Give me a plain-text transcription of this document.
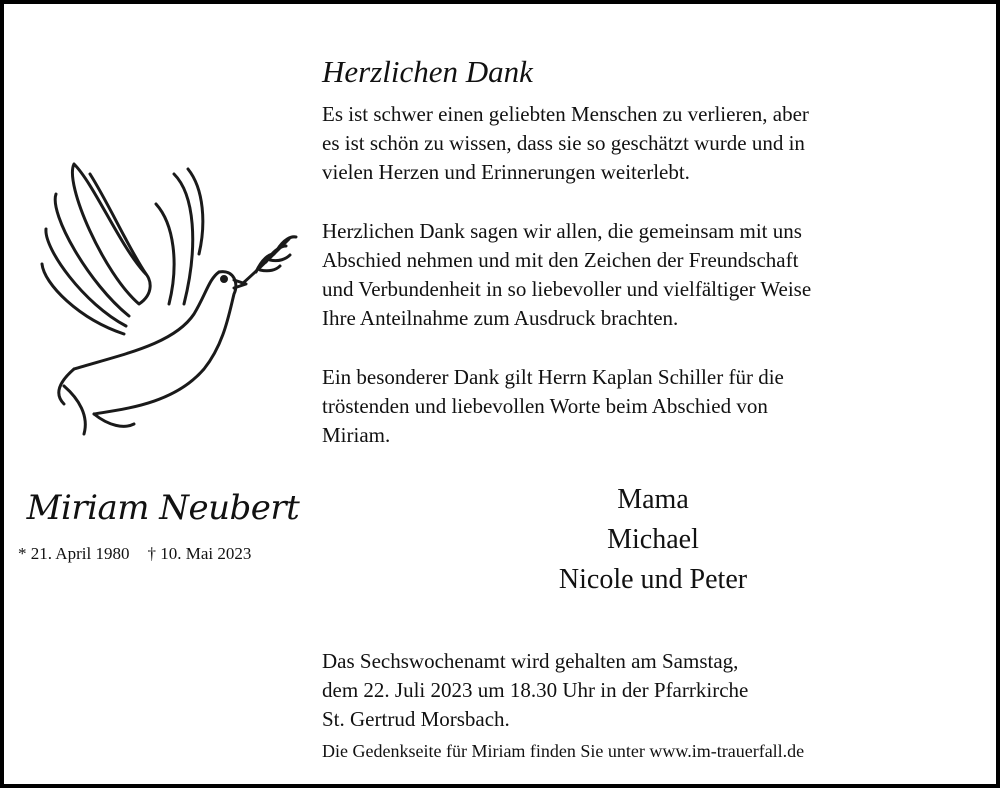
Miriam Neubert
* 21. April 1980 † 10. Mai 2023
Herzlichen Dank
Es ist schwer einen geliebten Menschen zu verlieren, aber
es ist schön zu wissen, dass sie so geschätzt wurde und in
vielen Herzen und Erinnerungen weiterlebt.
Herzlichen Dank sagen wir allen, die gemeinsam mit uns
Abschied nehmen und mit den Zeichen der Freundschaft
und Verbundenheit in so liebevoller und vielfältiger Weise
Ihre Anteilnahme zum Ausdruck brachten.
Ein besonderer Dank gilt Herrn Kaplan Schiller für die
tröstenden und liebevollen Worte beim Abschied von
Miriam.
Mama
Michael
Nicole und Peter
Das Sechswochenamt wird gehalten am Samstag,
dem 22. Juli 2023 um 18.30 Uhr in der Pfarrkirche
St. Gertrud Morsbach.
Die Gedenkseite für Miriam finden Sie unter www.im-trauerfall.de
